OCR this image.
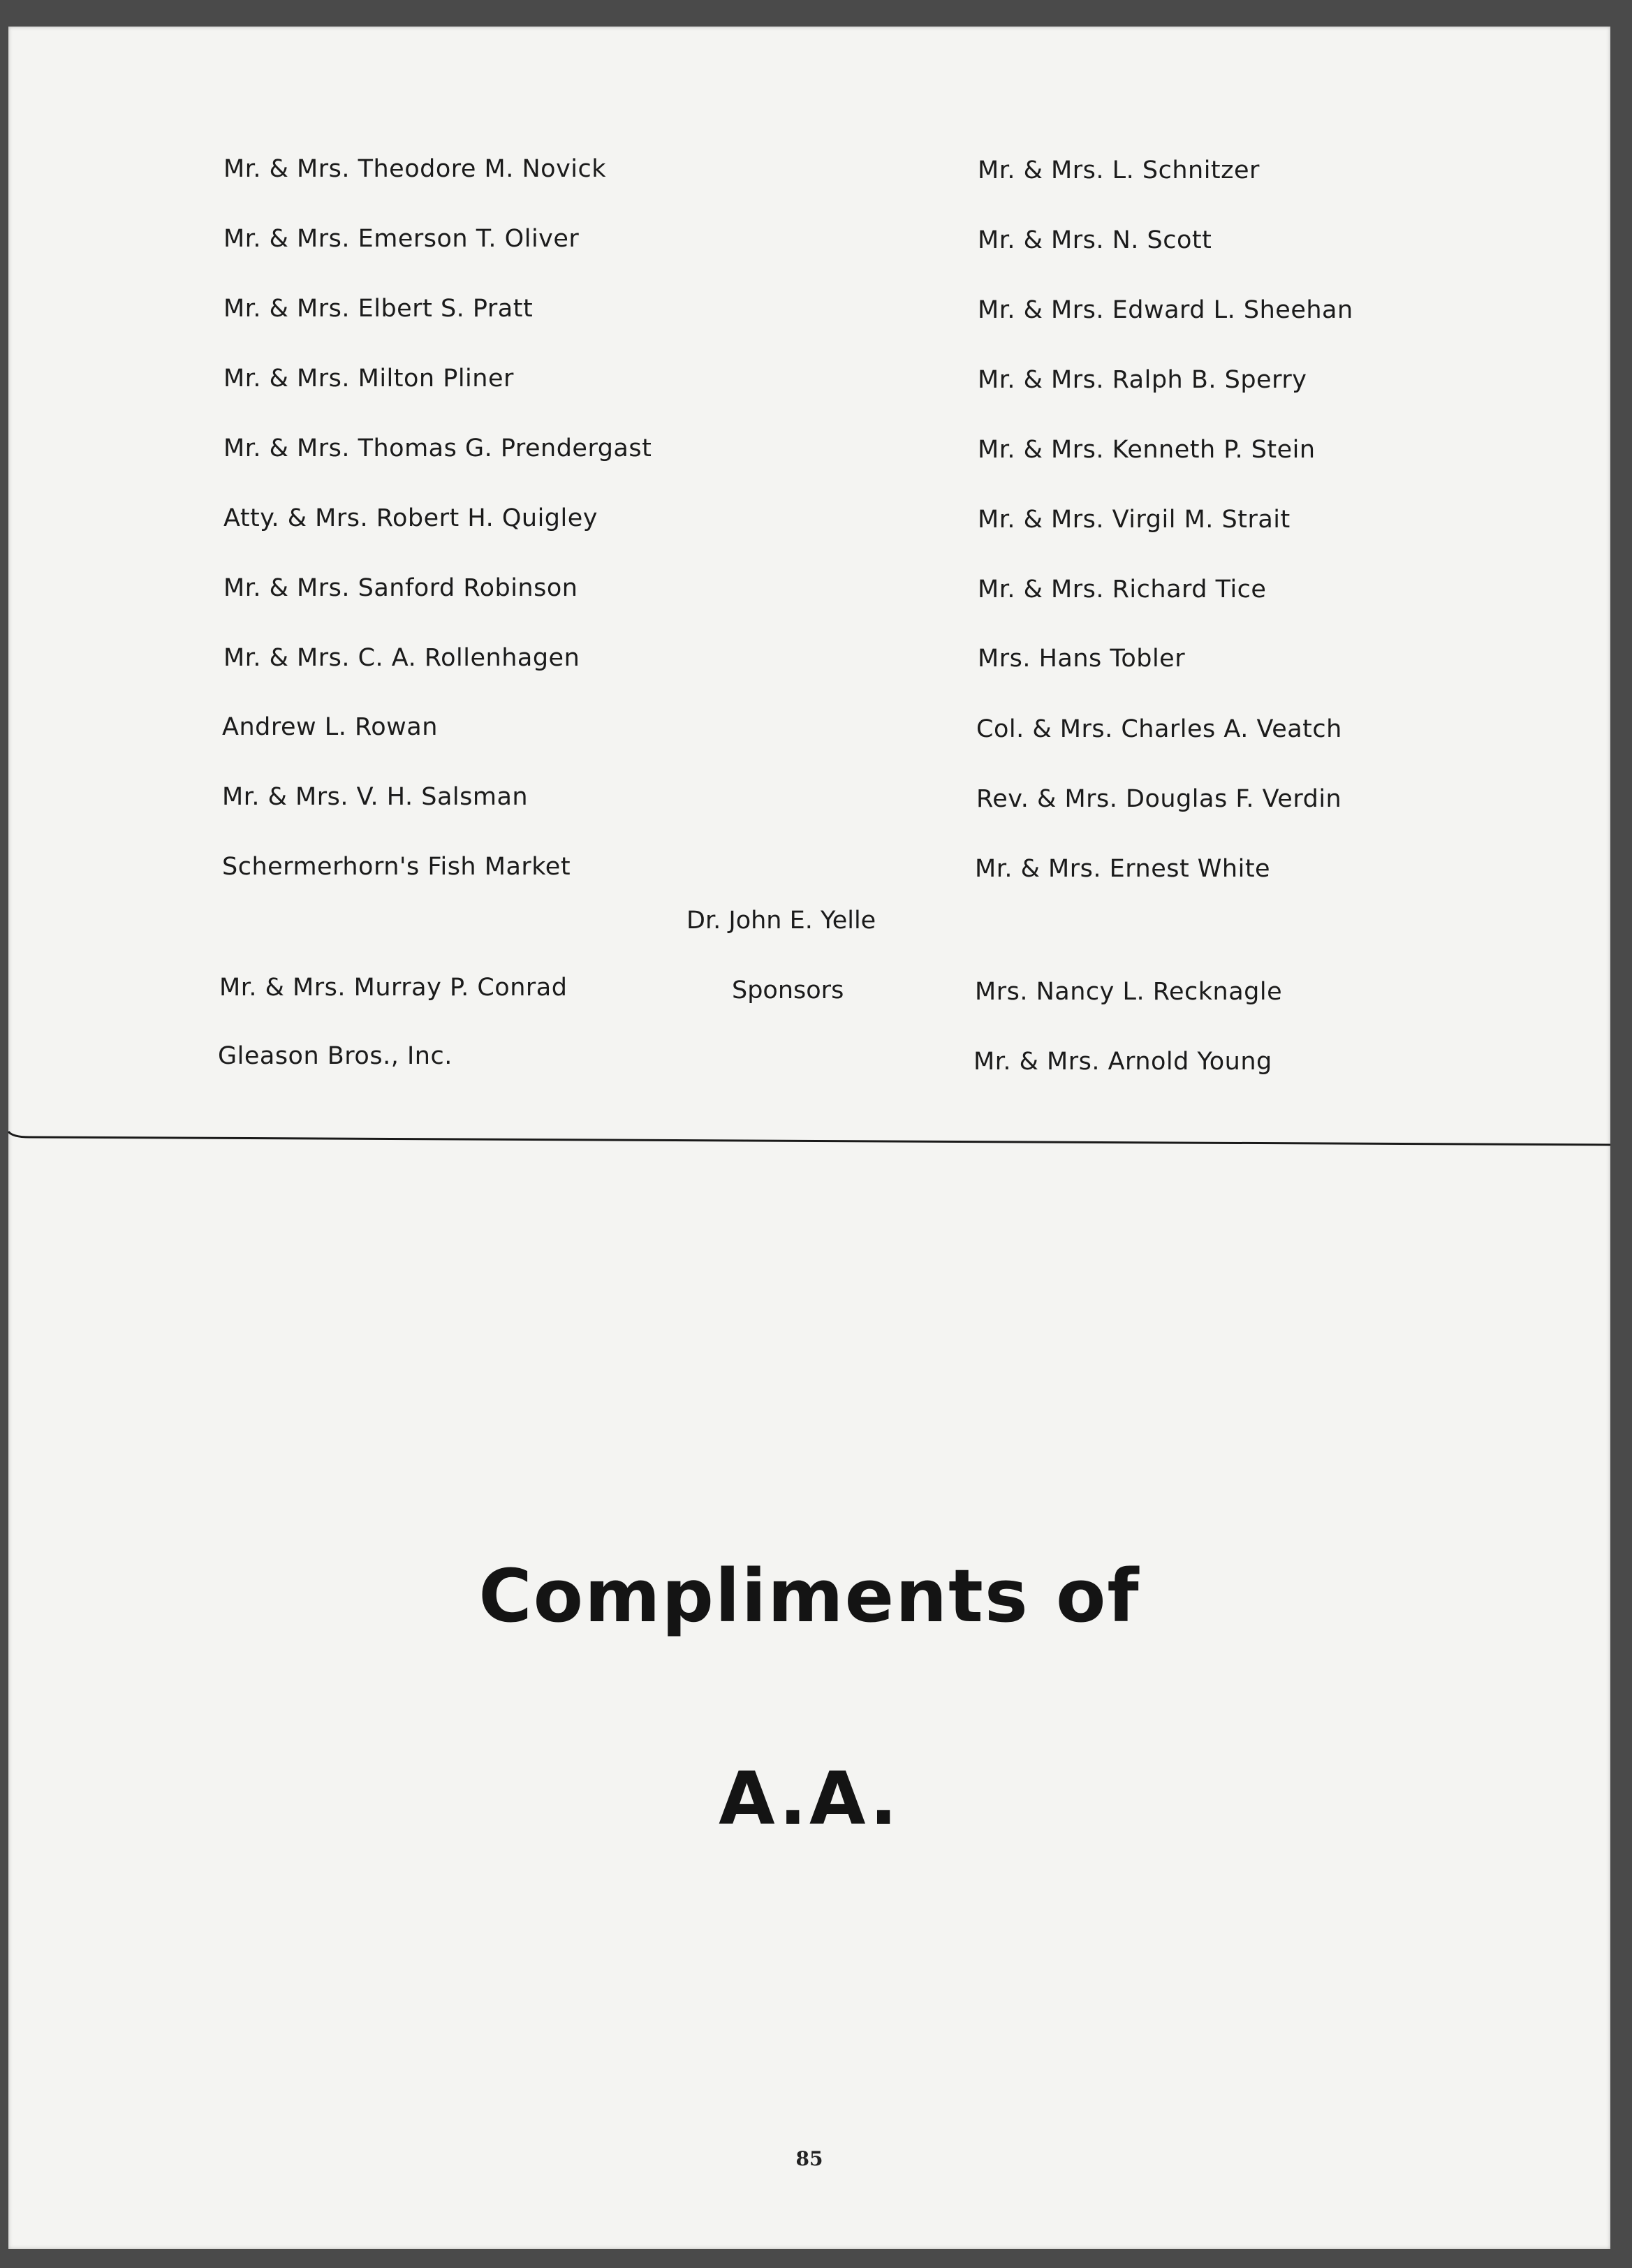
Mr. & Mrs. Theodore M. Novick
Mr. & Mrs. Emerson T. Oliver
Mr. & Mrs. Elbert S. Pratt
Mr. & Mrs. Milton Pliner
Mr. & Mrs. Thomas G. Prendergast
Atty. & Mrs. Robert H. Quigley
Mr. & Mrs. Sanford Robinson
Mr. & Mrs. C. A. Rollenhagen
Andrew L. Rowan
Mr. & Mrs. V. H. Salsman
Schermerhorn's Fish Market
Mr. & Mrs. Murray P. Conrad
Gleason Bros., Inc.
Dr. John E. Yelle
Sponsors
Mr. & Mrs. L. Schnitzer
Mr. & Mrs. N. Scott
Mr. & Mrs. Edward L. Sheehan
Mr. & Mrs. Ralph B. Sperry
Mr. & Mrs. Kenneth P. Stein
Mr. & Mrs. Virgil M. Strait
Mr. & Mrs. Richard Tice
Mrs. Hans Tobler
Col. & Mrs. Charles A. Veatch
Rev. & Mrs. Douglas F. Verdin
Mr. & Mrs. Ernest White
Mrs. Nancy L. Recknagle
Mr. & Mrs. Arnold Young
Compliments of
A.A.
85
